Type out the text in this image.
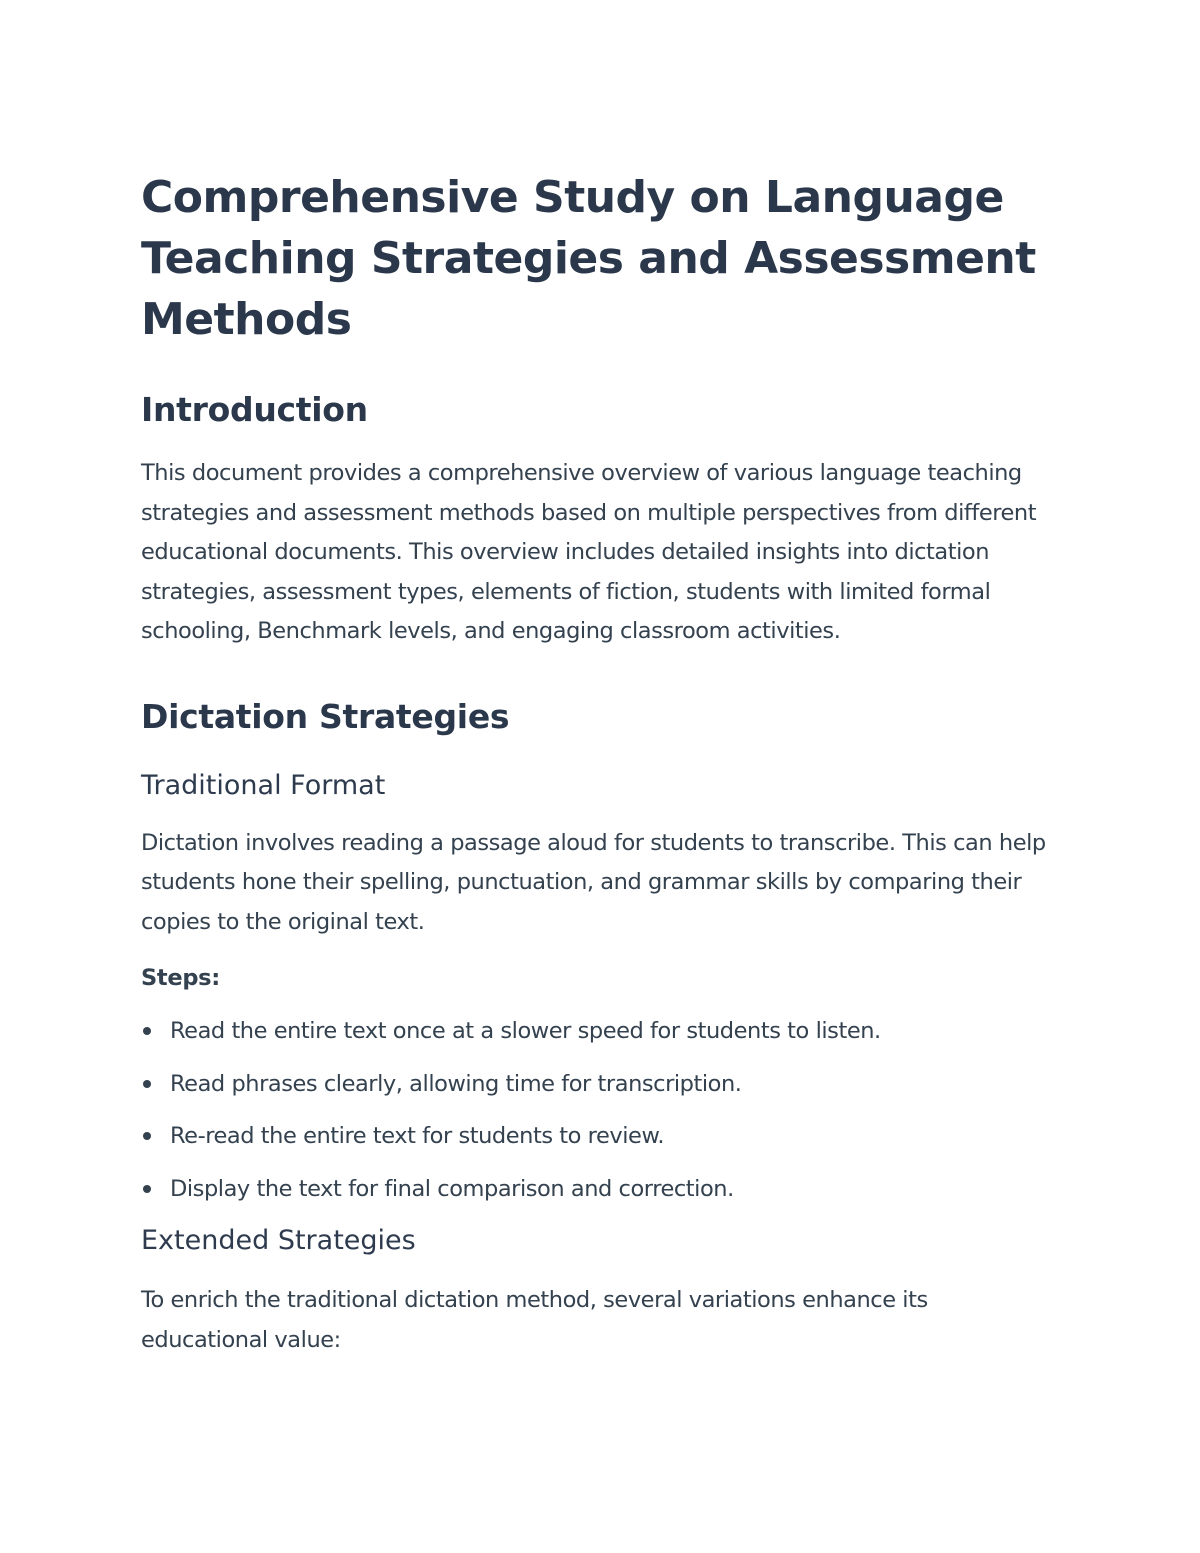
Comprehensive Study on Language Teaching Strategies and Assessment Methods
Introduction

This document provides a comprehensive overview of various language teaching strategies and assessment methods based on multiple perspectives from different educational documents. This overview includes detailed insights into dictation strategies, assessment types, elements of fiction, students with limited formal schooling, Benchmark levels, and engaging classroom activities.

Dictation Strategies
Traditional Format

Dictation involves reading a passage aloud for students to transcribe. This can help students hone their spelling, punctuation, and grammar skills by comparing their copies to the original text.

Steps:
Read the entire text once at a slower speed for students to listen.
Read phrases clearly, allowing time for transcription.
Re-read the entire text for students to review.
Display the text for final comparison and correction.
Extended Strategies

To enrich the traditional dictation method, several variations enhance its educational value:
